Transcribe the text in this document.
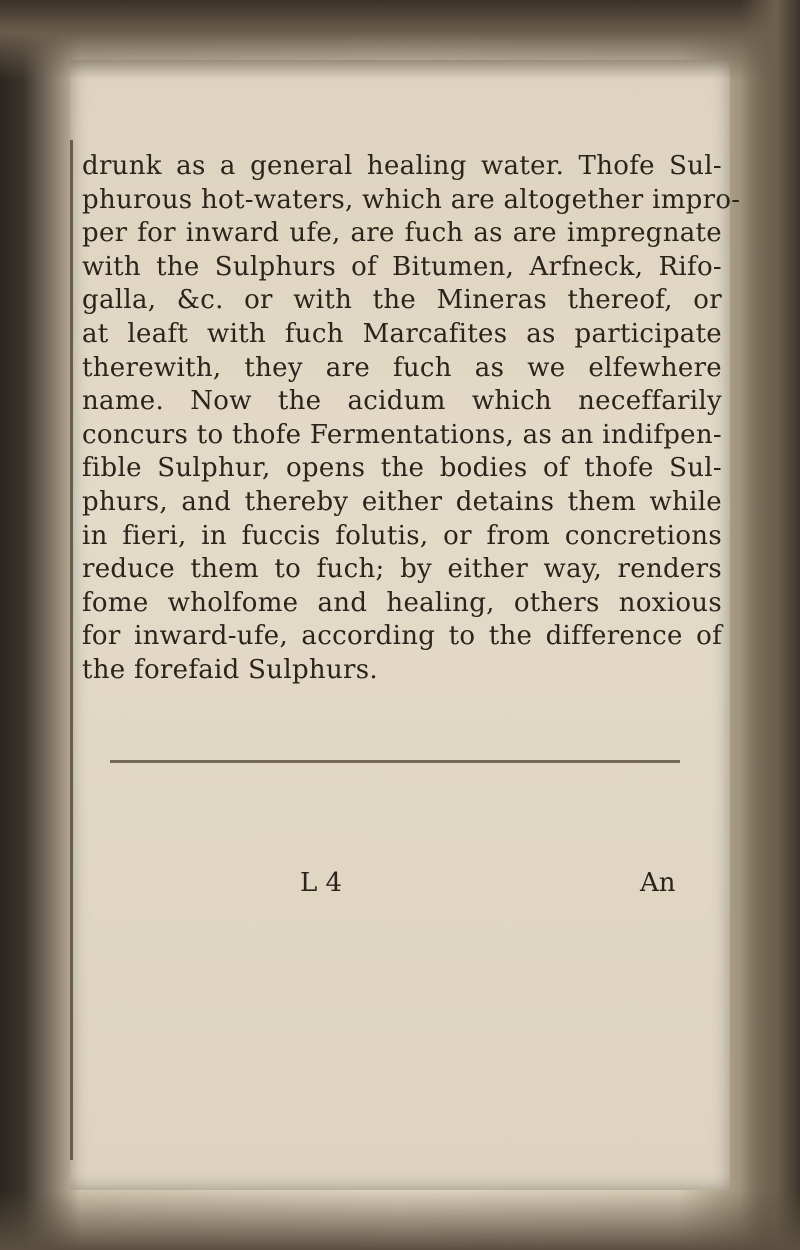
drunk as a general healing water. Thofe Sul-
phurous hot-waters, which are altogether impro-
per for inward ufe, are fuch as are impregnate
with the Sulphurs of Bitumen, Arfneck, Rifo-
galla, &c. or with the Mineras thereof, or
at leaft with fuch Marcafites as participate
therewith, they are fuch as we elfewhere
name. Now the acidum which neceffarily
concurs to thofe Fermentations, as an indifpen-
fible Sulphur, opens the bodies of thofe Sul-
phurs, and thereby either detains them while
in fieri, in fuccis folutis, or from concretions
reduce them to fuch; by either way, renders
fome wholfome and healing, others noxious
for inward-ufe, according to the difference of
the forefaid Sulphurs.
L 4	An
